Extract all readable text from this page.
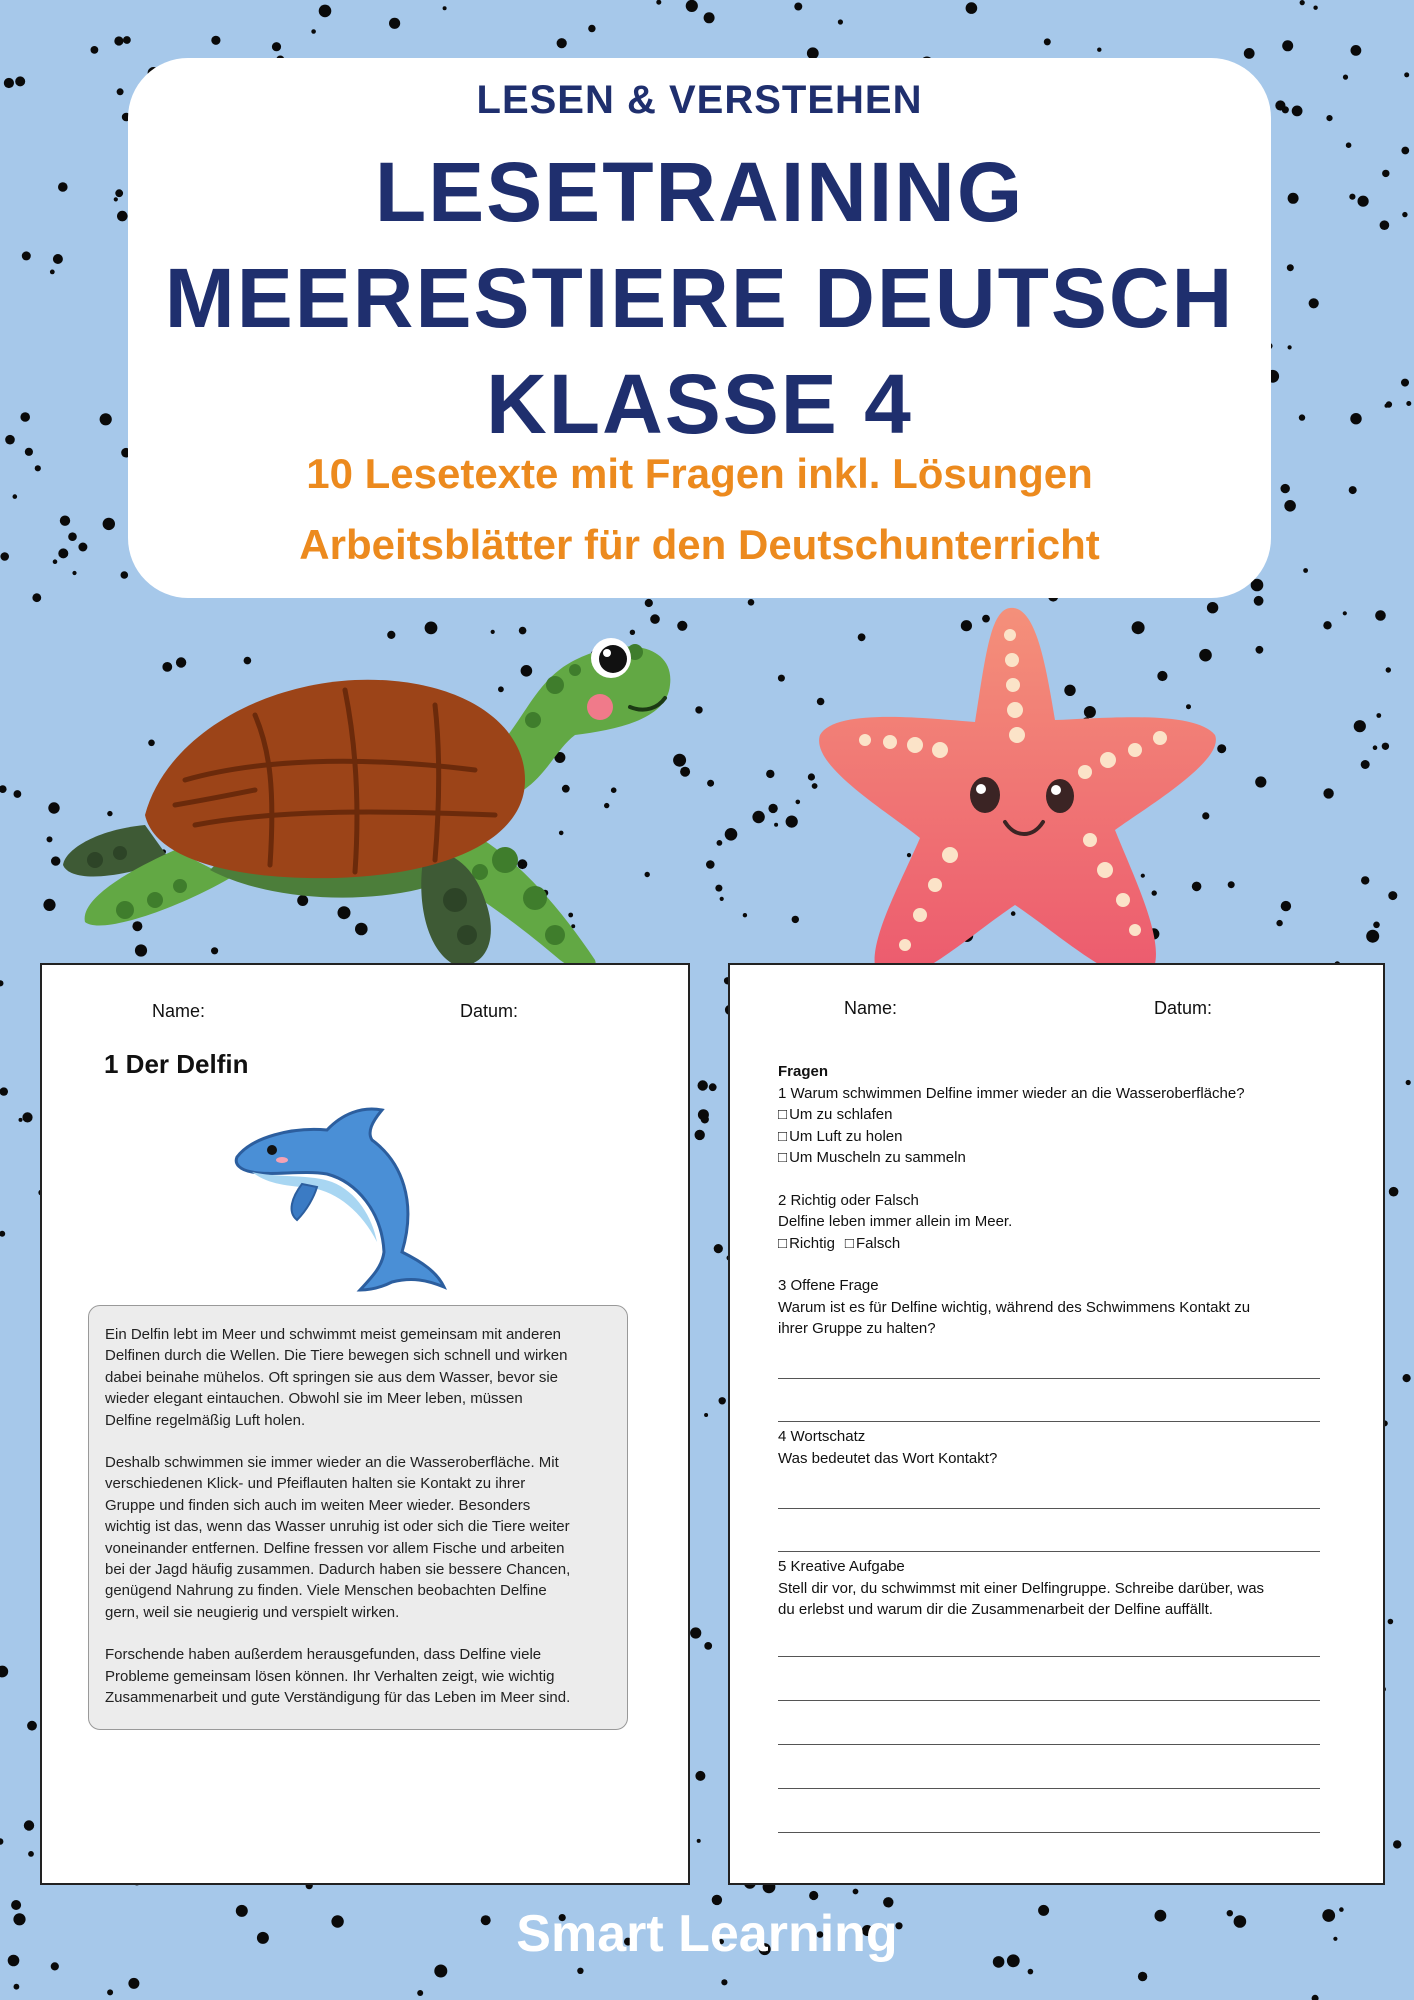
LESEN & VERSTEHEN
LESETRAINING
MEERESTIERE DEUTSCH
KLASSE 4
10 Lesetexte mit Fragen inkl. Lösungen
Arbeitsblätter für den Deutschunterricht
Name:	Datum:
1 Der Delfin

Ein Delfin lebt im Meer und schwimmt meist gemeinsam mit anderen
Delfinen durch die Wellen. Die Tiere bewegen sich schnell und wirken
dabei beinahe mühelos. Oft springen sie aus dem Wasser, bevor sie
wieder elegant eintauchen. Obwohl sie im Meer leben, müssen
Delfine regelmäßig Luft holen.

Deshalb schwimmen sie immer wieder an die Wasseroberfläche. Mit
verschiedenen Klick- und Pfeiflauten halten sie Kontakt zu ihrer
Gruppe und finden sich auch im weiten Meer wieder. Besonders
wichtig ist das, wenn das Wasser unruhig ist oder sich die Tiere weiter
voneinander entfernen. Delfine fressen vor allem Fische und arbeiten
bei der Jagd häufig zusammen. Dadurch haben sie bessere Chancen,
genügend Nahrung zu finden. Viele Menschen beobachten Delfine
gern, weil sie neugierig und verspielt wirken.

Forschende haben außerdem herausgefunden, dass Delfine viele
Probleme gemeinsam lösen können. Ihr Verhalten zeigt, wie wichtig
Zusammenarbeit und gute Verständigung für das Leben im Meer sind.

Name:	Datum:
Fragen
1 Warum schwimmen Delfine immer wieder an die Wasseroberfläche?
□ Um zu schlafen
□ Um Luft zu holen
□ Um Muscheln zu sammeln
2 Richtig oder Falsch
Delfine leben immer allein im Meer.
□ Richtig□ Falsch
3 Offene Frage
Warum ist es für Delfine wichtig, während des Schwimmens Kontakt zu
ihrer Gruppe zu halten?
4 Wortschatz
Was bedeutet das Wort Kontakt?
5 Kreative Aufgabe
Stell dir vor, du schwimmst mit einer Delfingruppe. Schreibe darüber, was
du erlebst und warum dir die Zusammenarbeit der Delfine auffällt.
Smart Learning
